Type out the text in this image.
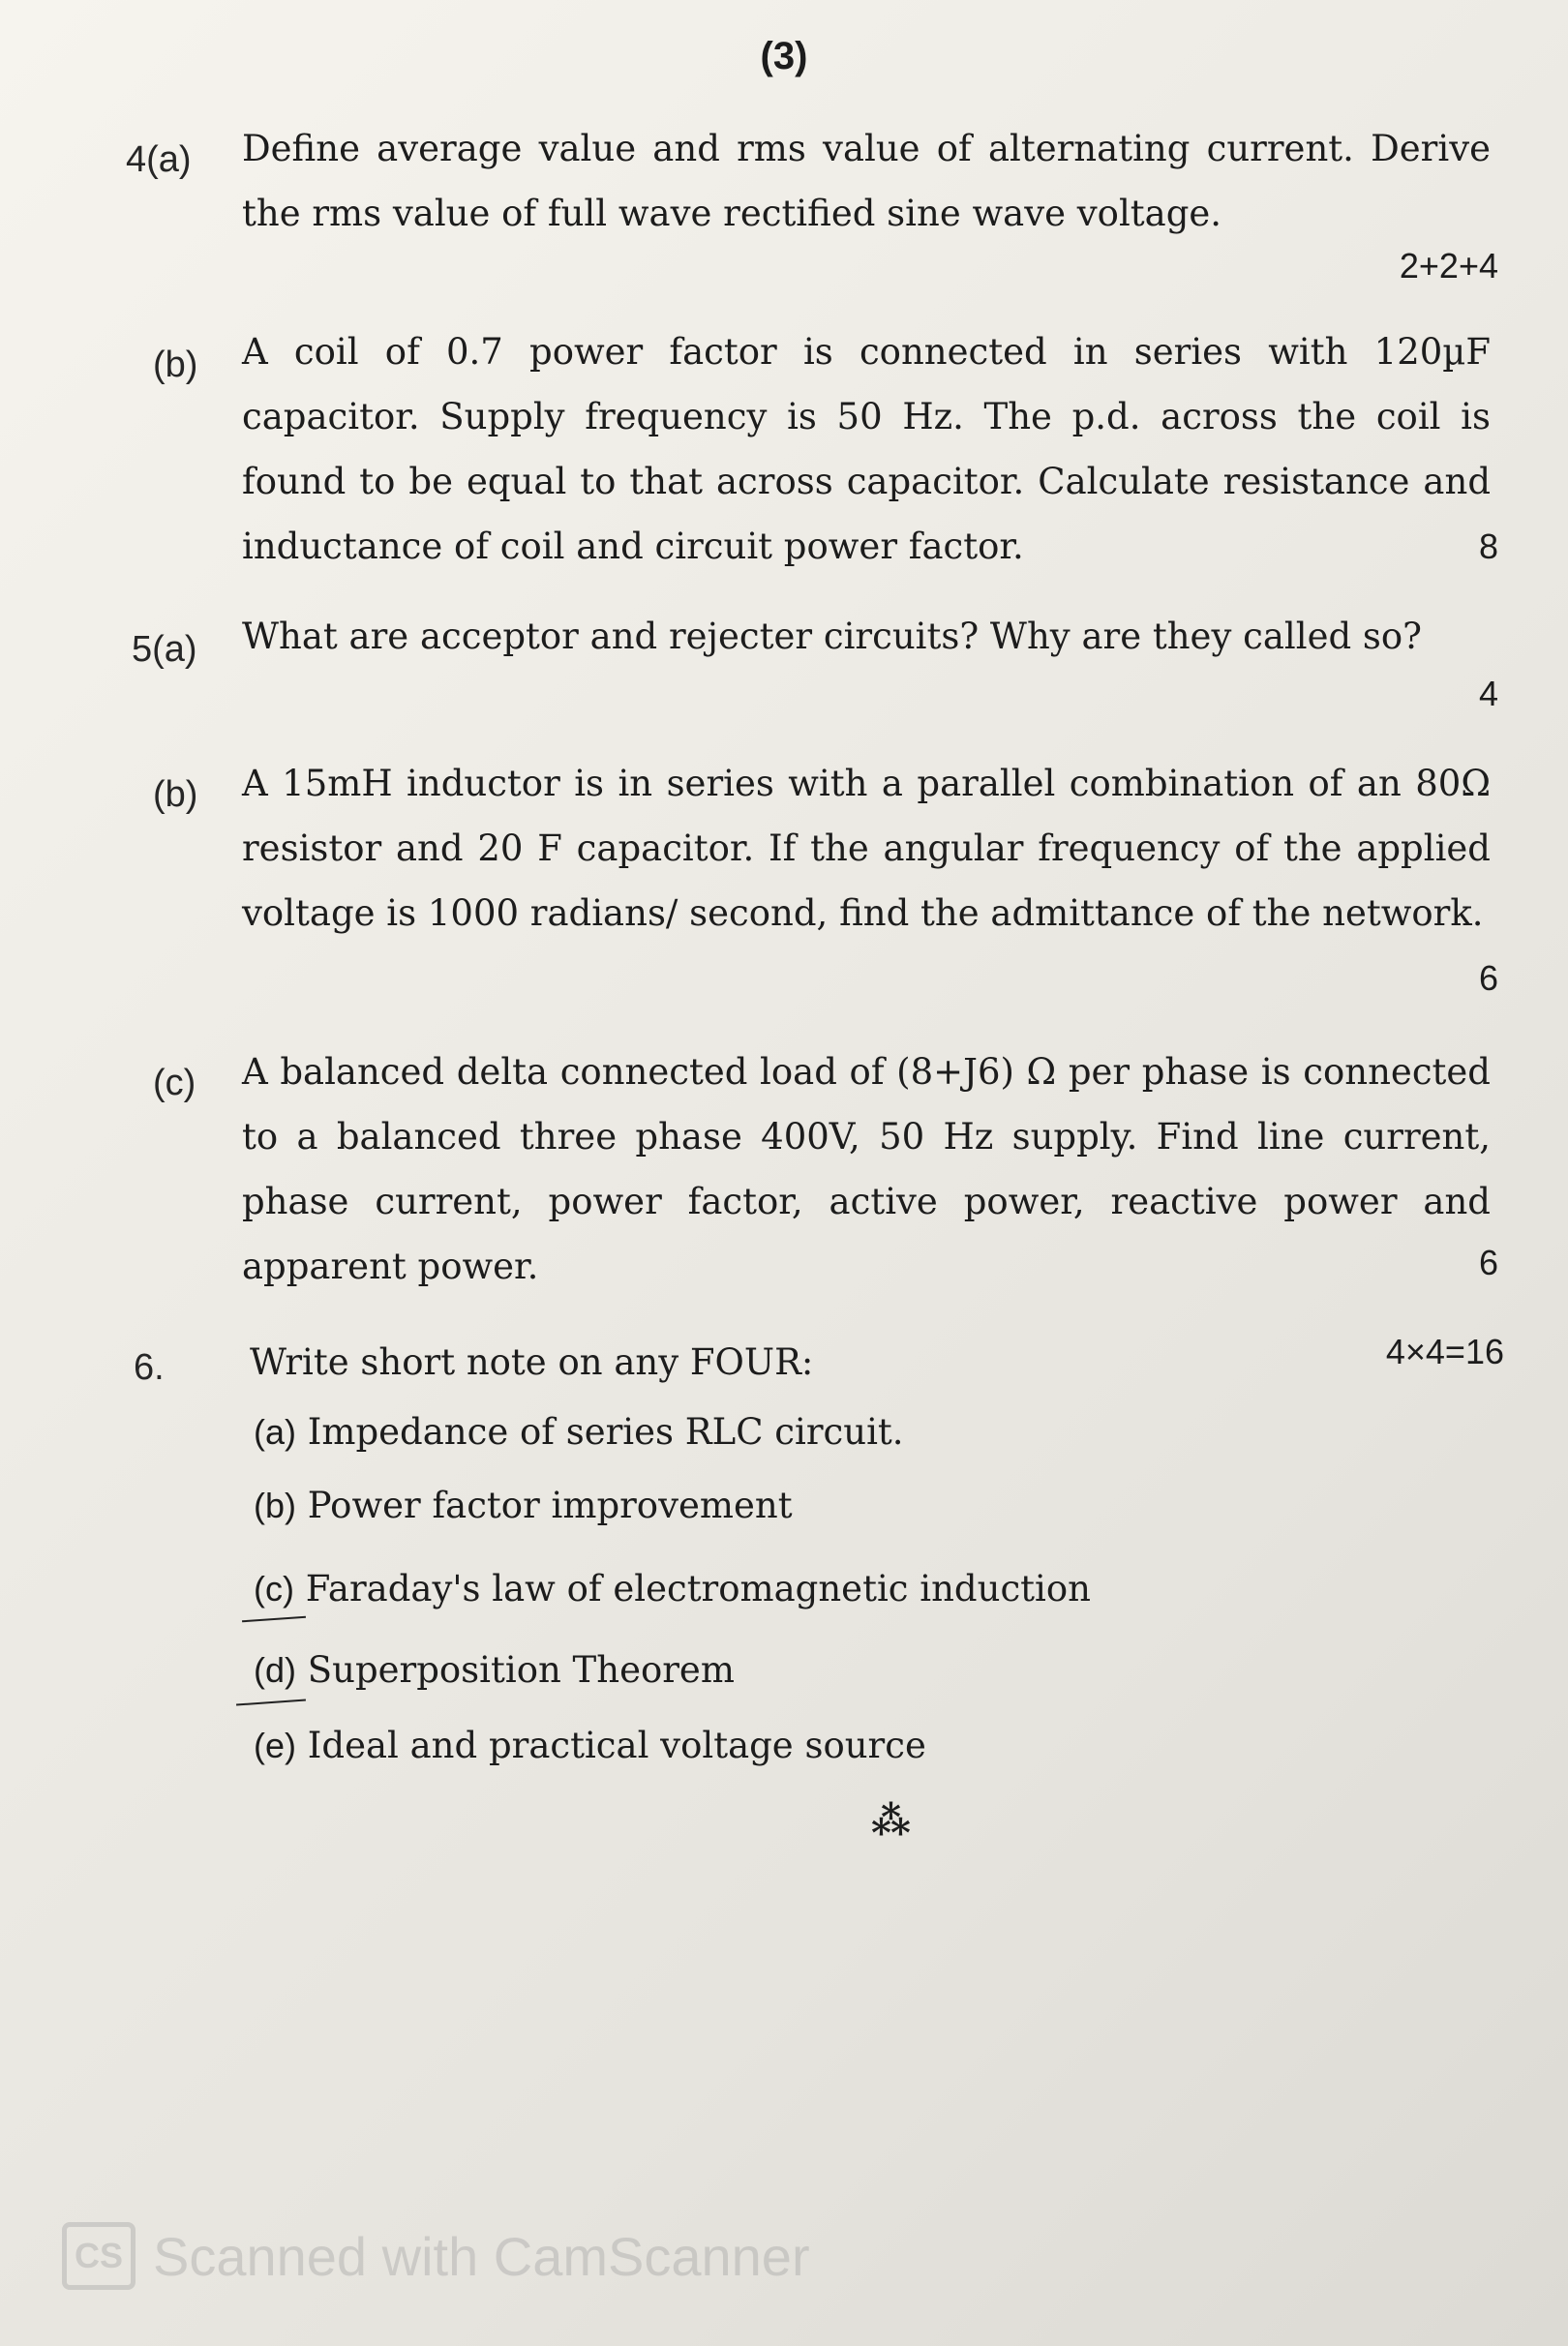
(3)
4(a) Define average value and rms value of alternating current. Derive the rms value of full wave rectified sine wave voltage.
2+2+4
(b) A coil of 0.7 power factor is connected in series with 120µF capacitor. Supply frequency is 50 Hz. The p.d. across the coil is found to be equal to that across capacitor. Calculate resistance and inductance of coil and circuit power factor.	8
5(a) What are acceptor and rejecter circuits? Why are they called so?
4
(b) A 15mH inductor is in series with a parallel combination of an 80Ω resistor and 20 F capacitor. If the angular frequency of the applied voltage is 1000 radians/ second, find the admittance of the network.
6
(c) A balanced delta connected load of (8+J6) Ω per phase is connected to a balanced three phase 400V, 50 Hz supply. Find line current, phase current, power factor, active power, reactive power and apparent power.	6
6. Write short note on any FOUR:	4×4=16
(a) Impedance of series RLC circuit.
(b) Power factor improvement
(c) Faraday's law of electromagnetic induction
(d) Superposition Theorem
(e) Ideal and practical voltage source
⁂
CS Scanned with CamScanner
